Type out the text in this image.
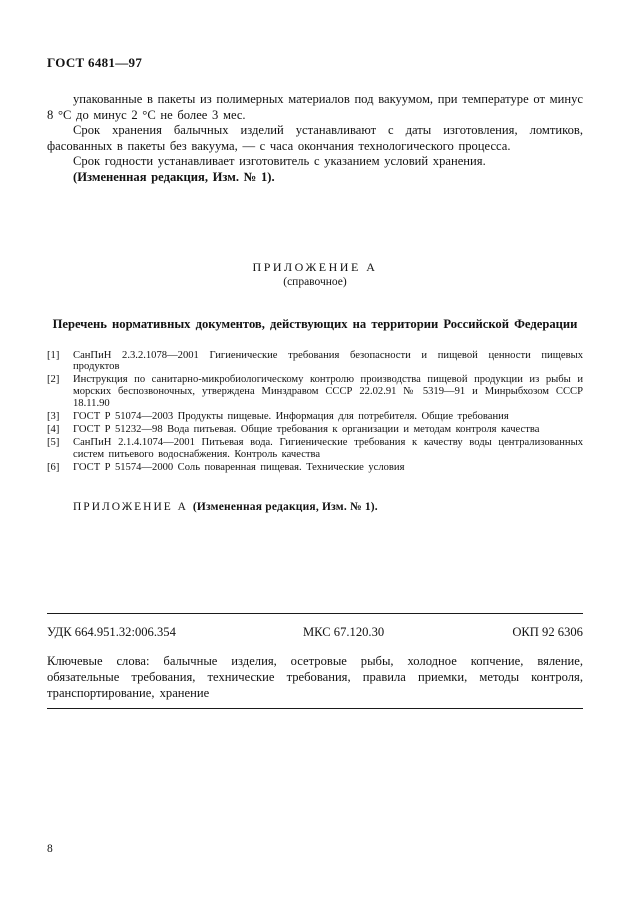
ГОСТ 6481—97

упакованные в пакеты из полимерных материалов под вакуумом, при температуре от минус 8 °С до минус 2 °С не более 3 мес.

Срок хранения балычных изделий устанавливают с даты изготовления, ломтиков, фасованных в пакеты без вакуума, — с часа окончания технологического процесса.

Срок годности устанавливает изготовитель с указанием условий хранения.

(Измененная редакция, Изм. № 1).

ПРИЛОЖЕНИЕ А
(справочное)
Перечень нормативных документов, действующих на территории Российской Федерации
[1]	СанПиН 2.3.2.1078—2001 Гигиенические требования безопасности и пищевой ценности пищевых продуктов
[2]	Инструкция по санитарно-микробиологическому контролю производства пищевой продукции из рыбы и морских беспозвоночных, утверждена Минздравом СССР 22.02.91 № 5319—91 и Минрыбхозом СССР 18.11.90
[3]	ГОСТ Р 51074—2003 Продукты пищевые. Информация для потребителя. Общие требования
[4]	ГОСТ Р 51232—98 Вода питьевая. Общие требования к организации и методам контроля качества
[5]	СанПиН 2.1.4.1074—2001 Питьевая вода. Гигиенические требования к качеству воды централизованных систем питьевого водоснабжения. Контроль качества
[6]	ГОСТ Р 51574—2000 Соль поваренная пищевая. Технические условия
ПРИЛОЖЕНИЕ А (Измененная редакция, Изм. № 1).
УДК 664.951.32:006.354	МКС 67.120.30	ОКП 92 6306

Ключевые слова: балычные изделия, осетровые рыбы, холодное копчение, вяление, обязательные требования, технические требования, правила приемки, методы контроля, транспортирование, хранение

8
